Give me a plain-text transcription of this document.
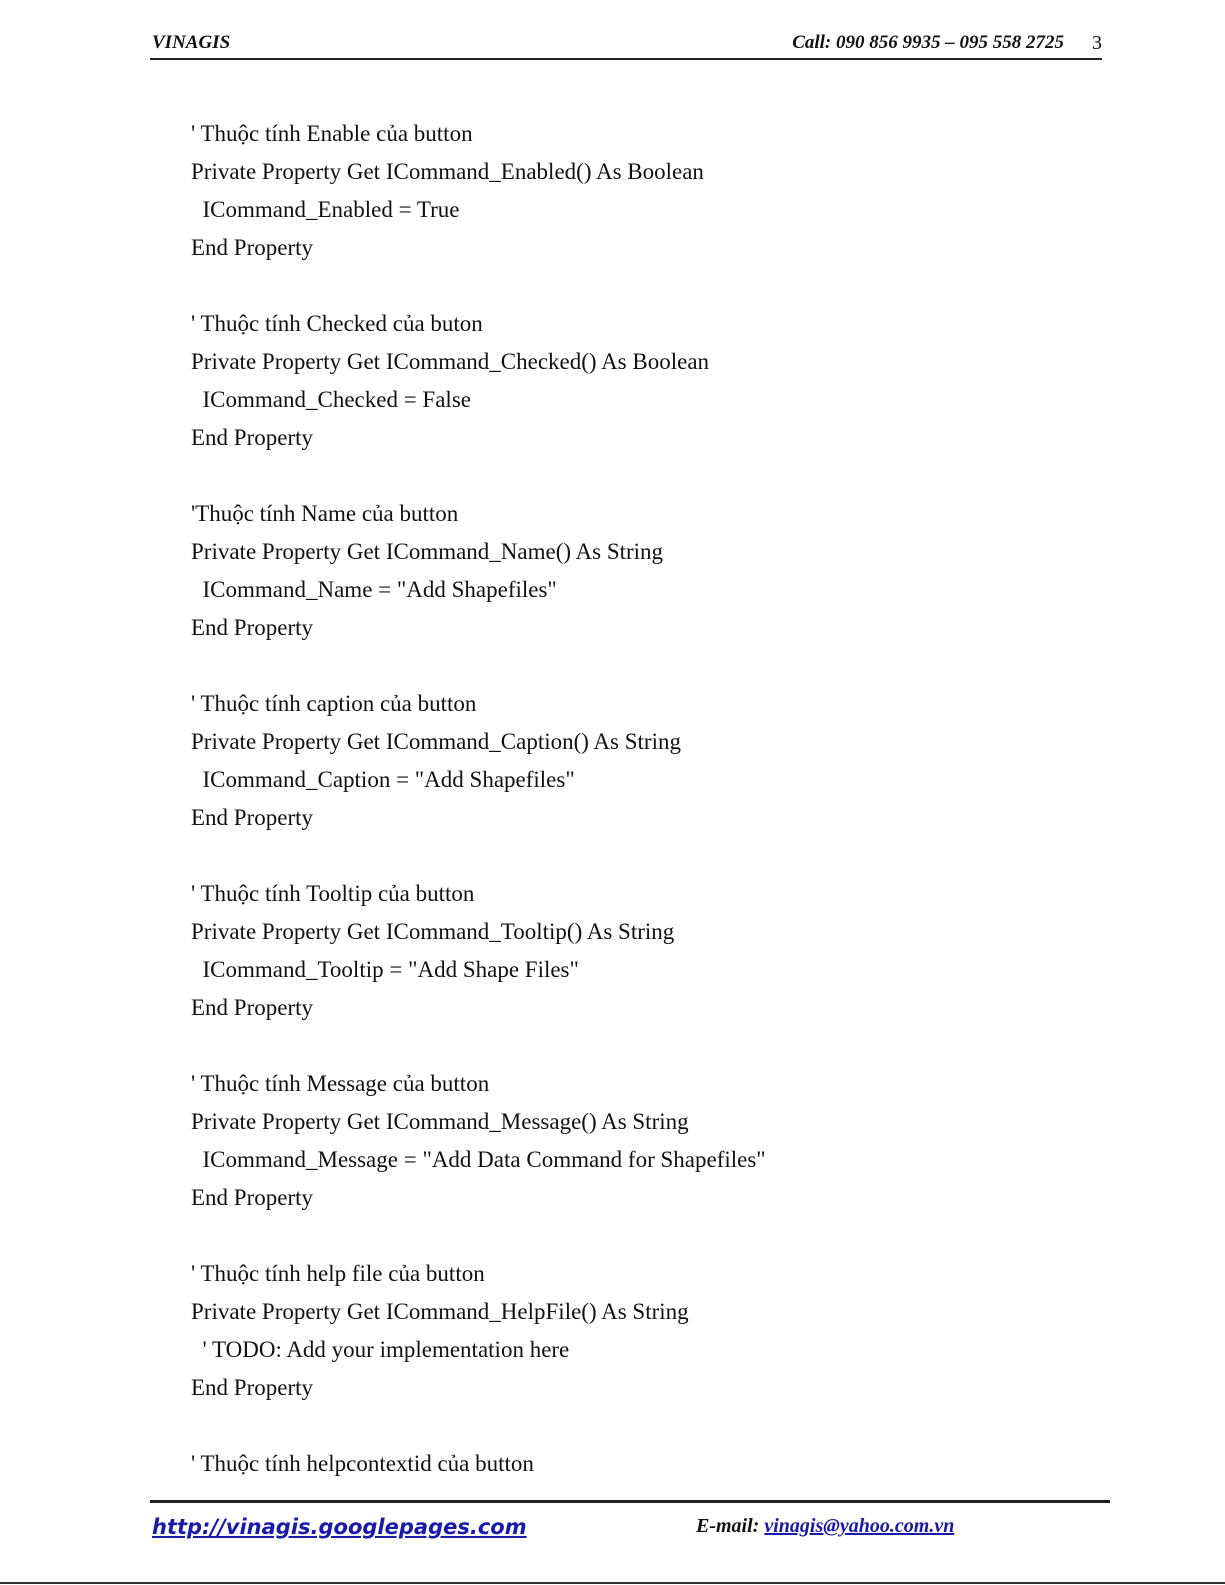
VINAGIS	Call: 090 856 9935 – 095 558 2725 3
' Thuộc tính Enable của button
Private Property Get ICommand_Enabled() As Boolean
ICommand_Enabled = True
End Property
' Thuộc tính Checked của buton
Private Property Get ICommand_Checked() As Boolean
ICommand_Checked = False
End Property
'Thuộc tính Name của button
Private Property Get ICommand_Name() As String
ICommand_Name = "Add Shapefiles"
End Property
' Thuộc tính caption của button
Private Property Get ICommand_Caption() As String
ICommand_Caption = "Add Shapefiles"
End Property
' Thuộc tính Tooltip của button
Private Property Get ICommand_Tooltip() As String
ICommand_Tooltip = "Add Shape Files"
End Property
' Thuộc tính Message của button
Private Property Get ICommand_Message() As String
ICommand_Message = "Add Data Command for Shapefiles"
End Property
' Thuộc tính help file của button
Private Property Get ICommand_HelpFile() As String
' TODO: Add your implementation here
End Property
' Thuộc tính helpcontextid của button
http://vinagis.googlepages.com	E-mail: vinagis@yahoo.com.vn
